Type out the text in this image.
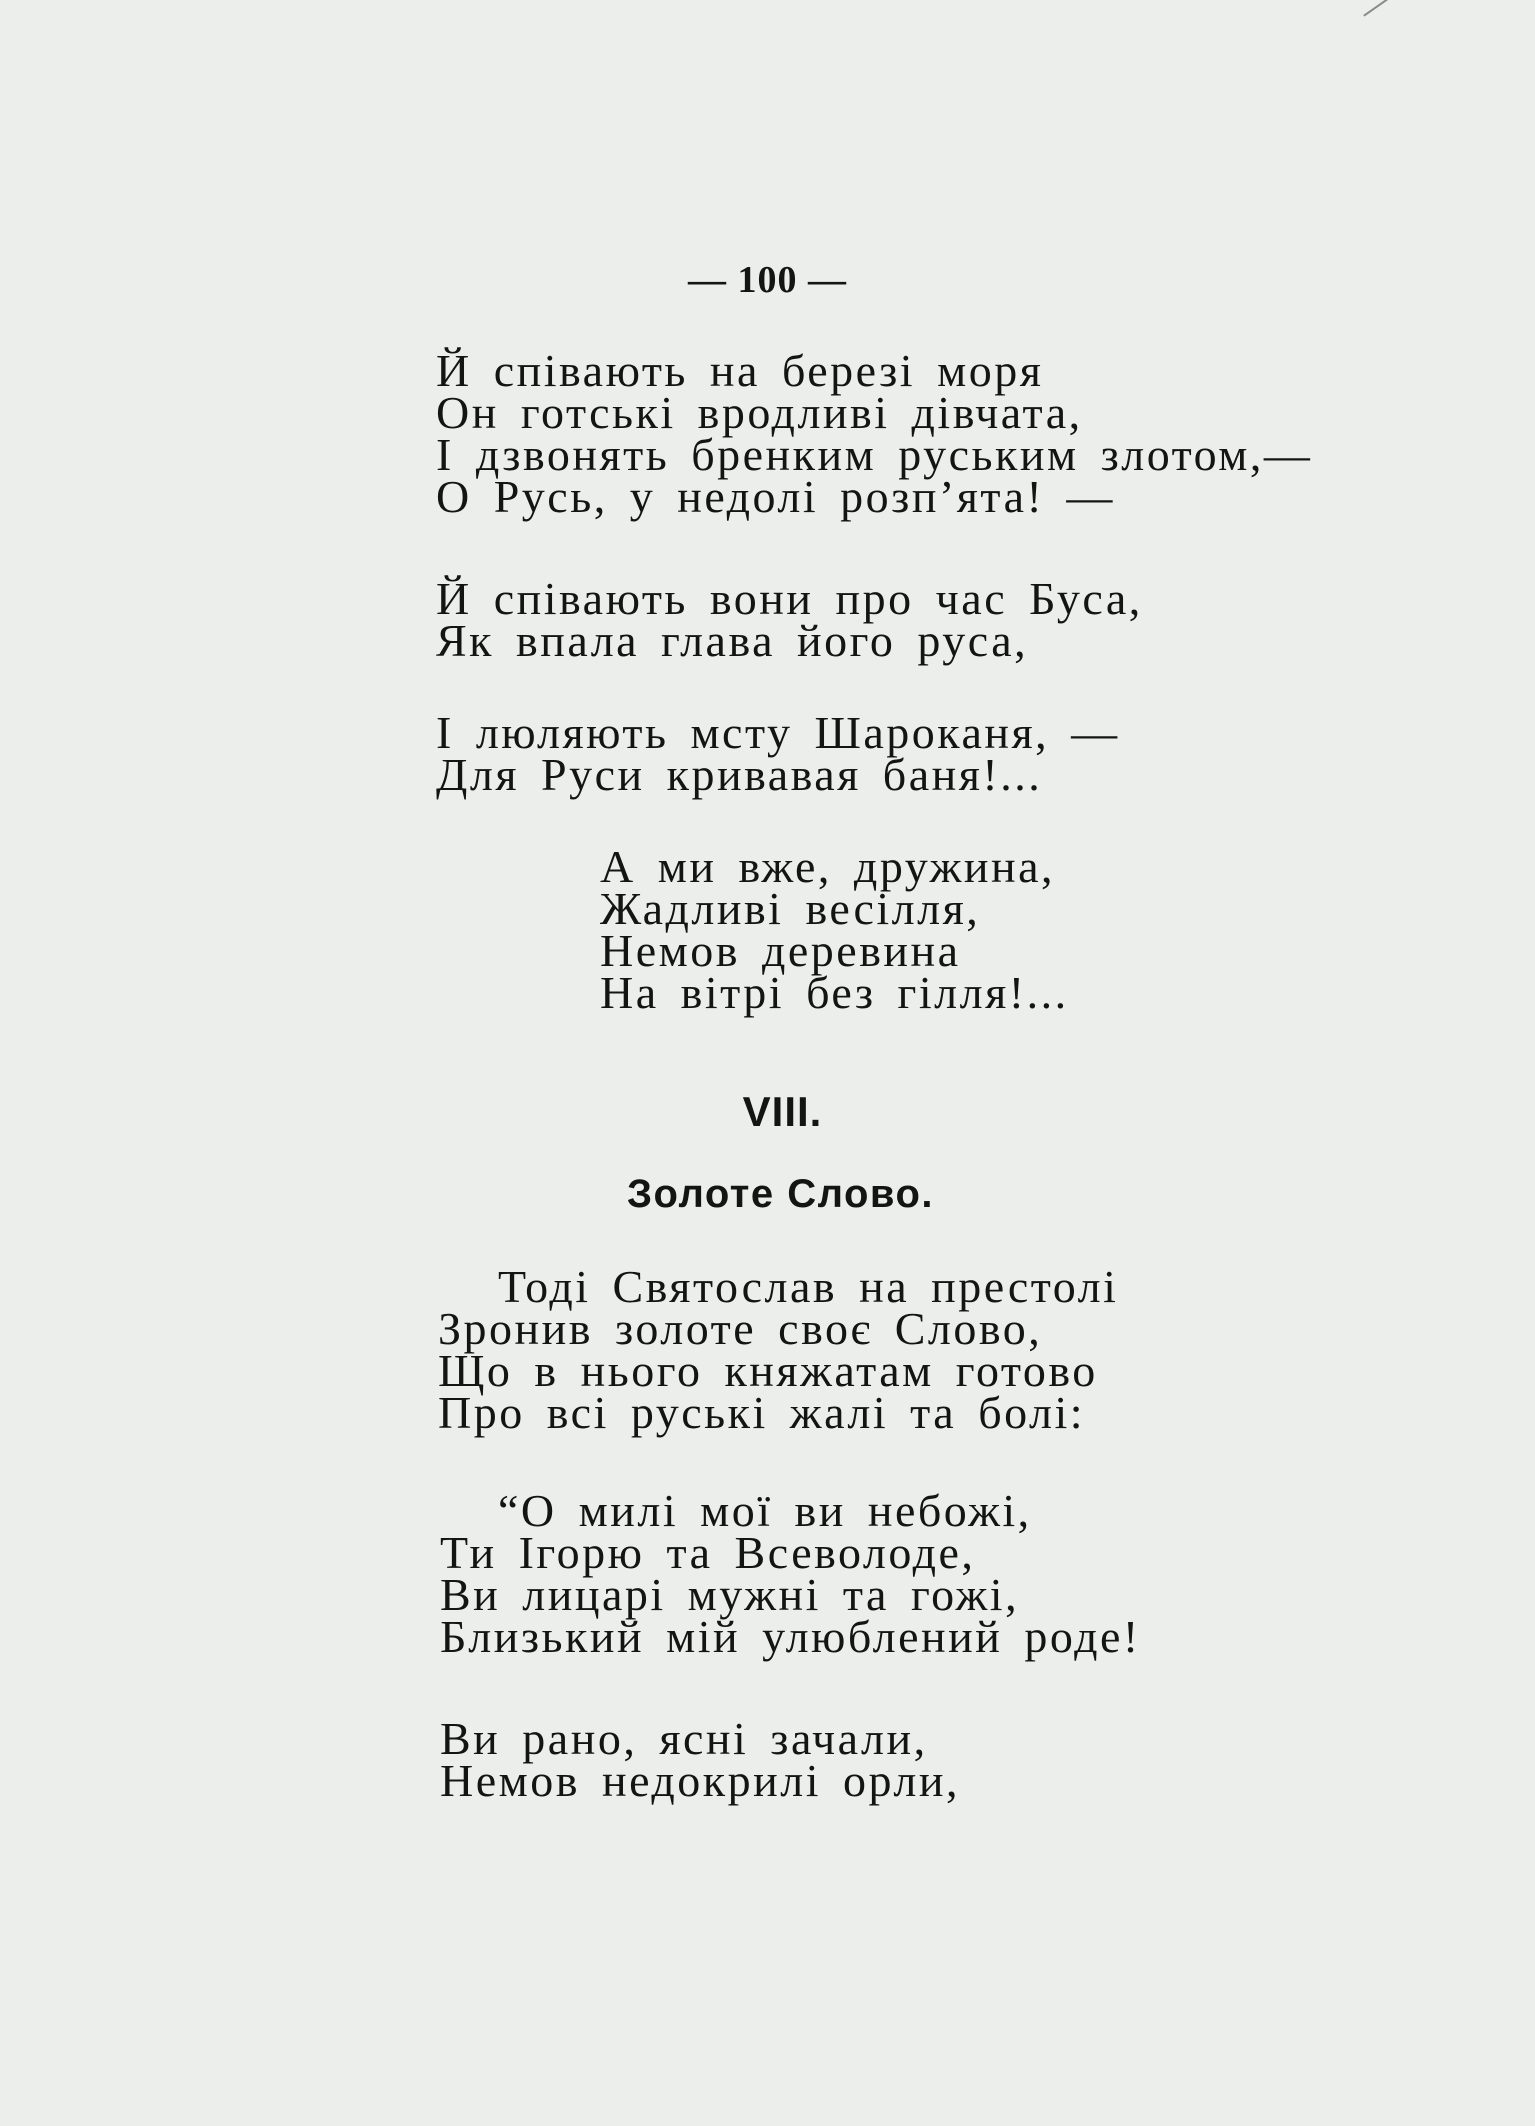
— 100 —
Й співають на березі моря
Он готські вродливі дівчата,
І дзвонять бренким руським злотом,—
О Русь, у недолі розп’ята! —
Й співають вони про час Буса,
Як впала глава його руса,
І люляють мсту Шароканя, —
Для Руси кривавая баня!...
А ми вже, дружина,
Жадливі весілля,
Немов деревина
На вітрі без гілля!...
VIII.
Золоте Слово.
Тоді Святослав на престолі
Зронив золоте своє Слово,
Що в нього княжатам готово
Про всі руські жалі та болі:
“О милі мої ви небожі,
Ти Ігорю та Всеволоде,
Ви лицарі мужні та гожі,
Близький мій улюблений роде!
Ви рано, ясні зачали,
Немов недокрилі орли,
